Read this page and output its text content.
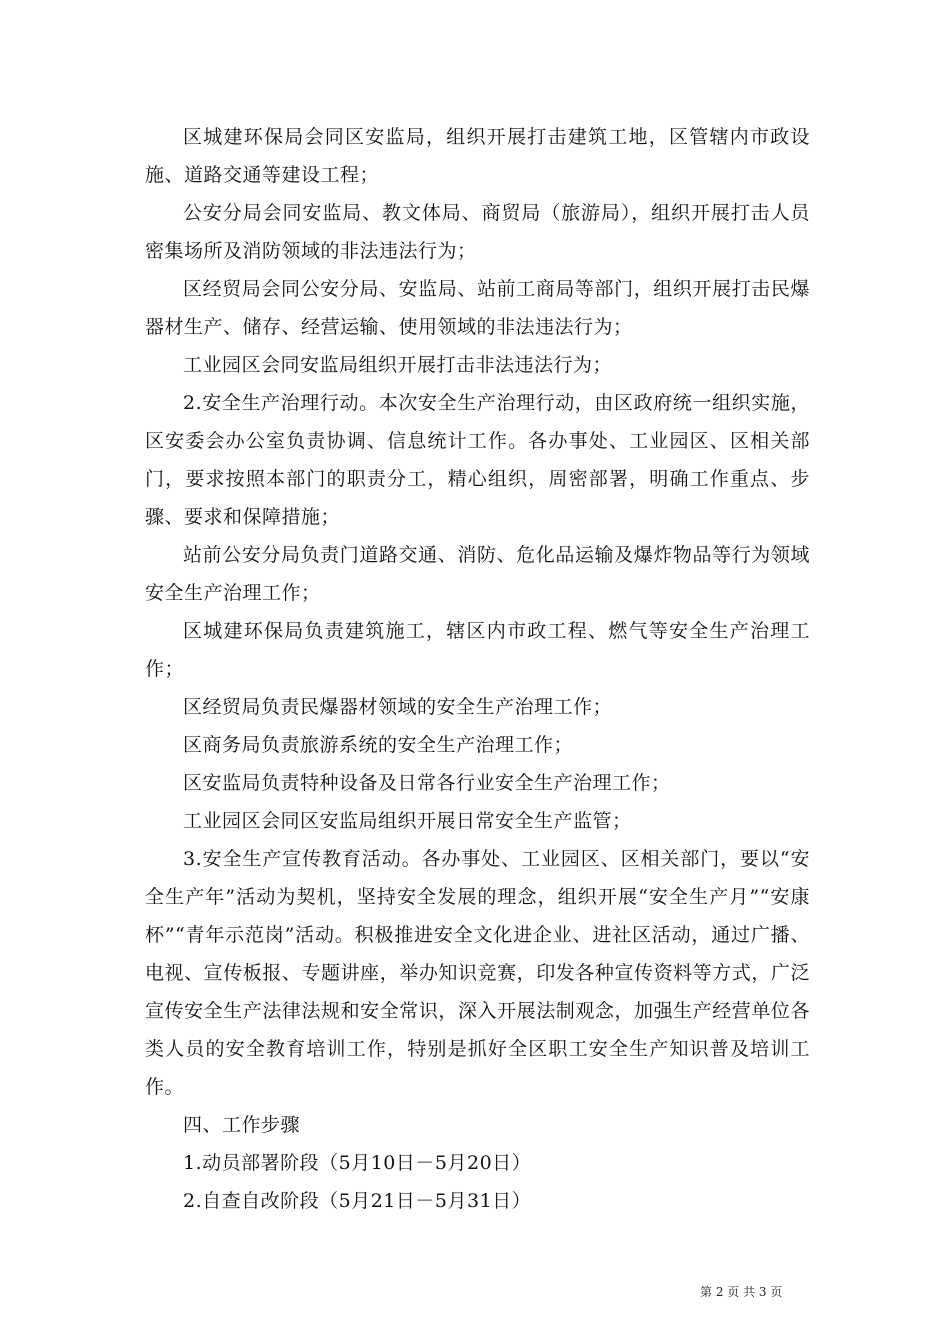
区城建环保局会同区安监局，组织开展打击建筑工地，区管辖内市政设施、道路交通等建设工程；

公安分局会同安监局、教文体局、商贸局（旅游局），组织开展打击人员密集场所及消防领域的非法违法行为；

区经贸局会同公安分局、安监局、站前工商局等部门，组织开展打击民爆器材生产、储存、经营运输、使用领域的非法违法行为；

工业园区会同安监局组织开展打击非法违法行为；

2.安全生产治理行动。本次安全生产治理行动，由区政府统一组织实施，区安委会办公室负责协调、信息统计工作。各办事处、工业园区、区相关部门，要求按照本部门的职责分工，精心组织，周密部署，明确工作重点、步骤、要求和保障措施；

站前公安分局负责门道路交通、消防、危化品运输及爆炸物品等行为领域安全生产治理工作；

区城建环保局负责建筑施工，辖区内市政工程、燃气等安全生产治理工作；

区经贸局负责民爆器材领域的安全生产治理工作；

区商务局负责旅游系统的安全生产治理工作；

区安监局负责特种设备及日常各行业安全生产治理工作；

工业园区会同区安监局组织开展日常安全生产监管；

3.安全生产宣传教育活动。各办事处、工业园区、区相关部门，要以“安全生产年”活动为契机，坚持安全发展的理念，组织开展“安全生产月”“安康杯”“青年示范岗”活动。积极推进安全文化进企业、进社区活动，通过广播、电视、宣传板报、专题讲座，举办知识竞赛，印发各种宣传资料等方式，广泛宣传安全生产法律法规和安全常识，深入开展法制观念，加强生产经营单位各类人员的安全教育培训工作，特别是抓好全区职工安全生产知识普及培训工作。

四、工作步骤

1.动员部署阶段（5月10日－5月20日）

2.自查自改阶段（5月21日－5月31日）

第 2 页 共 3 页
